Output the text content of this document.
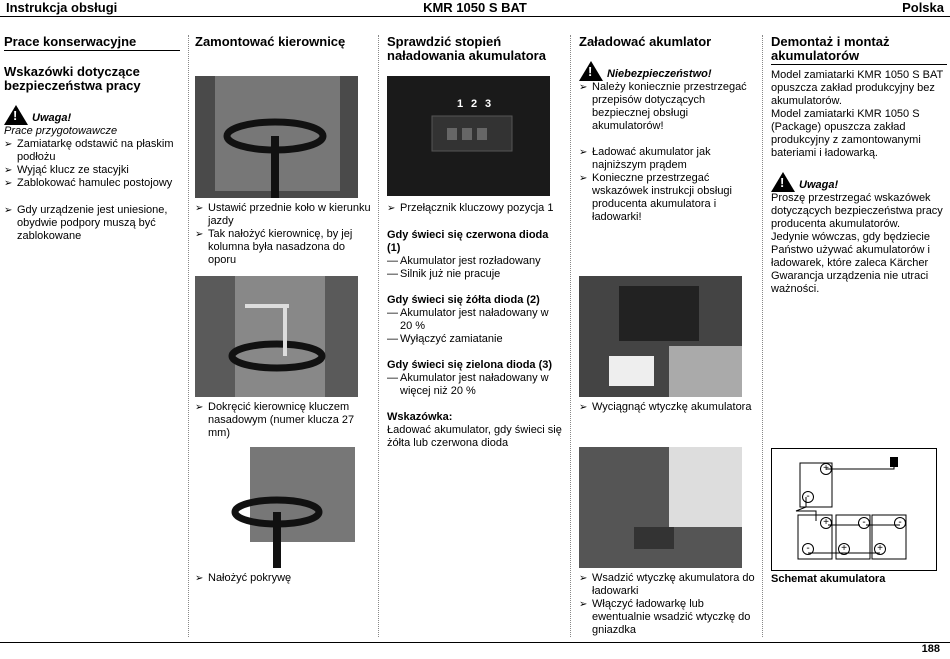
Instrukcja obsługi	KMR 1050 S BAT	Polska
Prace konserwacyjne
Wskazówki dotyczące bezpieczeństwa pracy
! Uwaga!
Prace przygotowawcze
➢ Zamiatarkę odstawić na płaskim podłożu
➢ Wyjąć klucz ze stacyjki
➢ Zablokować hamulec postojowy
➢ Gdy urządzenie jest uniesione, obydwie podpory muszą być zablokowane
Zamontować kierownicę
➢ Ustawić przednie koło w kierunku jazdy
➢ Tak nałożyć kierownicę, by jej kolumna była nasadzona do oporu
➢ Dokręcić kierownicę kluczem nasadowym (numer klucza 27 mm)
➢ Nałożyć pokrywę
Sprawdzić stopień naładowania akumulatora
1 2 3
➢ Przełącznik kluczowy pozycja 1
Gdy świeci się czerwona dioda (1)
— Akumulator jest rozładowany
— Silnik już nie pracuje
Gdy świeci się żółta dioda (2)
— Akumulator jest naładowany w 20 %
— Wyłączyć zamiatanie
Gdy świeci się zielona dioda (3)
— Akumulator jest naładowany w więcej niż 20 %
Wskazówka:
Ładować akumulator, gdy świeci się żółta lub czerwona dioda
Załadować akumlator
! Niebezpieczeństwo!
➢ Należy koniecznie przestrzegać przepisów dotyczących bezpiecznej obsługi akumulatorów!
➢ Ładować akumulator jak najniższym prądem
➢ Konieczne przestrzegać wskazówek instrukcji obsługi producenta akumulatora i ładowarki!
➢ Wyciągnąć wtyczkę akumulatora
➢ Wsadzić wtyczkę akumulatora do ładowarki
➢ Włączyć ładowarkę lub ewentualnie wsadzić wtyczkę do gniazdka
Demontaż i montaż akumulatorów
Model zamiatarki KMR 1050 S BAT opuszcza zakład produkcyjny bez akumulatorów.
Model zamiatarki KMR 1050 S (Package) opuszcza zakład produkcyjny z zamontowanymi bateriami i ładowarką.
! Uwaga!
Proszę przestrzegać wskazówek dotyczących bezpieczeństwa pracy producenta akumulatorów.
Jedynie wówczas, gdy będziecie Państwo używać akumulatorów i ładowarek, które zaleca Kärcher Gwarancja urządzenia nie utraci ważności.
+
-
+	-	-
-	+	+
Schemat akumulatora
188
